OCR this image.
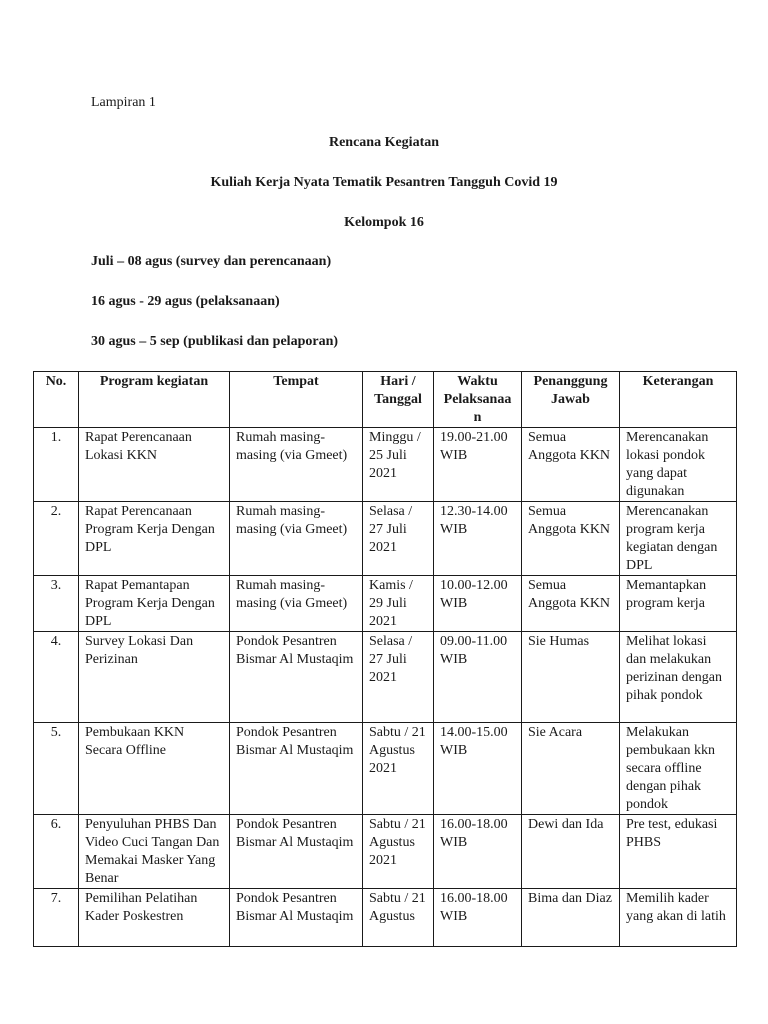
Lampiran 1
Rencana Kegiatan
Kuliah Kerja Nyata Tematik Pesantren Tangguh Covid 19
Kelompok 16
Juli – 08 agus (survey dan perencanaan)
16 agus - 29 agus (pelaksanaan)
30 agus – 5 sep (publikasi dan pelaporan)
No.	Program kegiatan	Tempat	Hari / Tanggal	Waktu Pelaksanaan	Penanggung Jawab	Keterangan
1.	Rapat Perencanaan Lokasi KKN	Rumah masing-masing (via Gmeet)	Minggu / 25 Juli 2021	19.00-21.00 WIB	Semua Anggota KKN	Merencanakan lokasi pondok yang dapat digunakan
2.	Rapat Perencanaan Program Kerja Dengan DPL	Rumah masing-masing (via Gmeet)	Selasa / 27 Juli 2021	12.30-14.00 WIB	Semua Anggota KKN	Merencanakan program kerja kegiatan dengan DPL
3.	Rapat Pemantapan Program Kerja Dengan DPL	Rumah masing-masing (via Gmeet)	Kamis / 29 Juli 2021	10.00-12.00 WIB	Semua Anggota KKN	Memantapkan program kerja
4.	Survey Lokasi Dan Perizinan	Pondok Pesantren Bismar Al Mustaqim	Selasa / 27 Juli 2021	09.00-11.00 WIB	Sie Humas	Melihat lokasi dan melakukan perizinan dengan pihak pondok
5.	Pembukaan KKN Secara Offline	Pondok Pesantren Bismar Al Mustaqim	Sabtu / 21 Agustus 2021	14.00-15.00 WIB	Sie Acara	Melakukan pembukaan kkn secara offline dengan pihak pondok
6.	Penyuluhan PHBS Dan Video Cuci Tangan Dan Memakai Masker Yang Benar	Pondok Pesantren Bismar Al Mustaqim	Sabtu / 21 Agustus 2021	16.00-18.00 WIB	Dewi dan Ida	Pre test, edukasi PHBS
7.	Pemilihan Pelatihan Kader Poskestren	Pondok Pesantren Bismar Al Mustaqim	Sabtu / 21 Agustus	16.00-18.00 WIB	Bima dan Diaz	Memilih kader yang akan di latih
